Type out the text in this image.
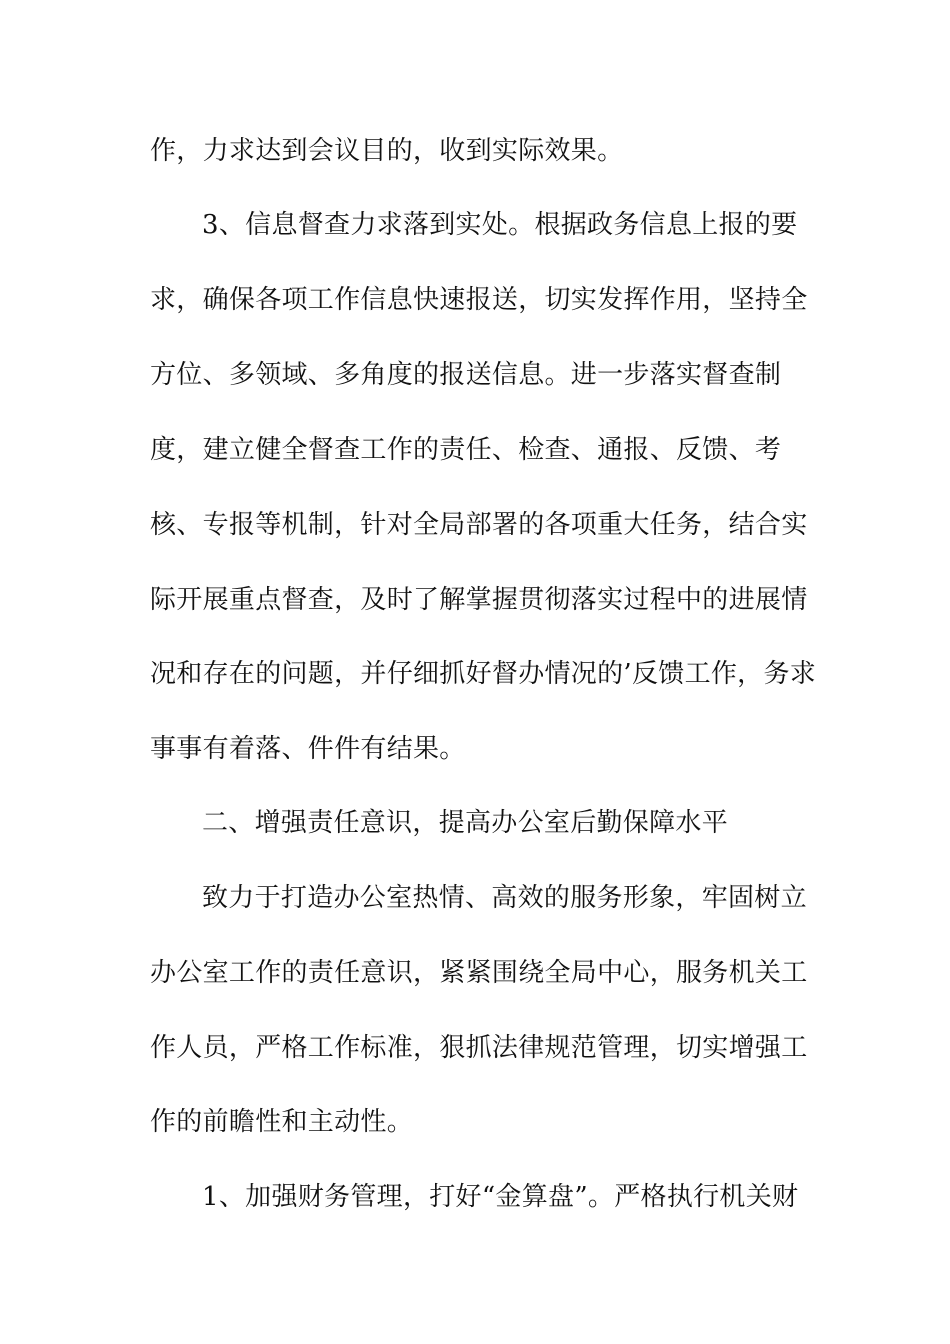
作，力求达到会议目的，收到实际效果。
3、信息督查力求落到实处。根据政务信息上报的要
求，确保各项工作信息快速报送，切实发挥作用，坚持全
方位、多领域、多角度的报送信息。进一步落实督查制
度，建立健全督查工作的责任、检查、通报、反馈、考
核、专报等机制，针对全局部署的各项重大任务，结合实
际开展重点督查，及时了解掌握贯彻落实过程中的进展情
况和存在的问题，并仔细抓好督办情况的’反馈工作，务求
事事有着落、件件有结果。
二、增强责任意识，提高办公室后勤保障水平
致力于打造办公室热情、高效的服务形象，牢固树立
办公室工作的责任意识，紧紧围绕全局中心，服务机关工
作人员，严格工作标准，狠抓法律规范管理，切实增强工
作的前瞻性和主动性。
1、加强财务管理，打好“金算盘”。严格执行机关财
